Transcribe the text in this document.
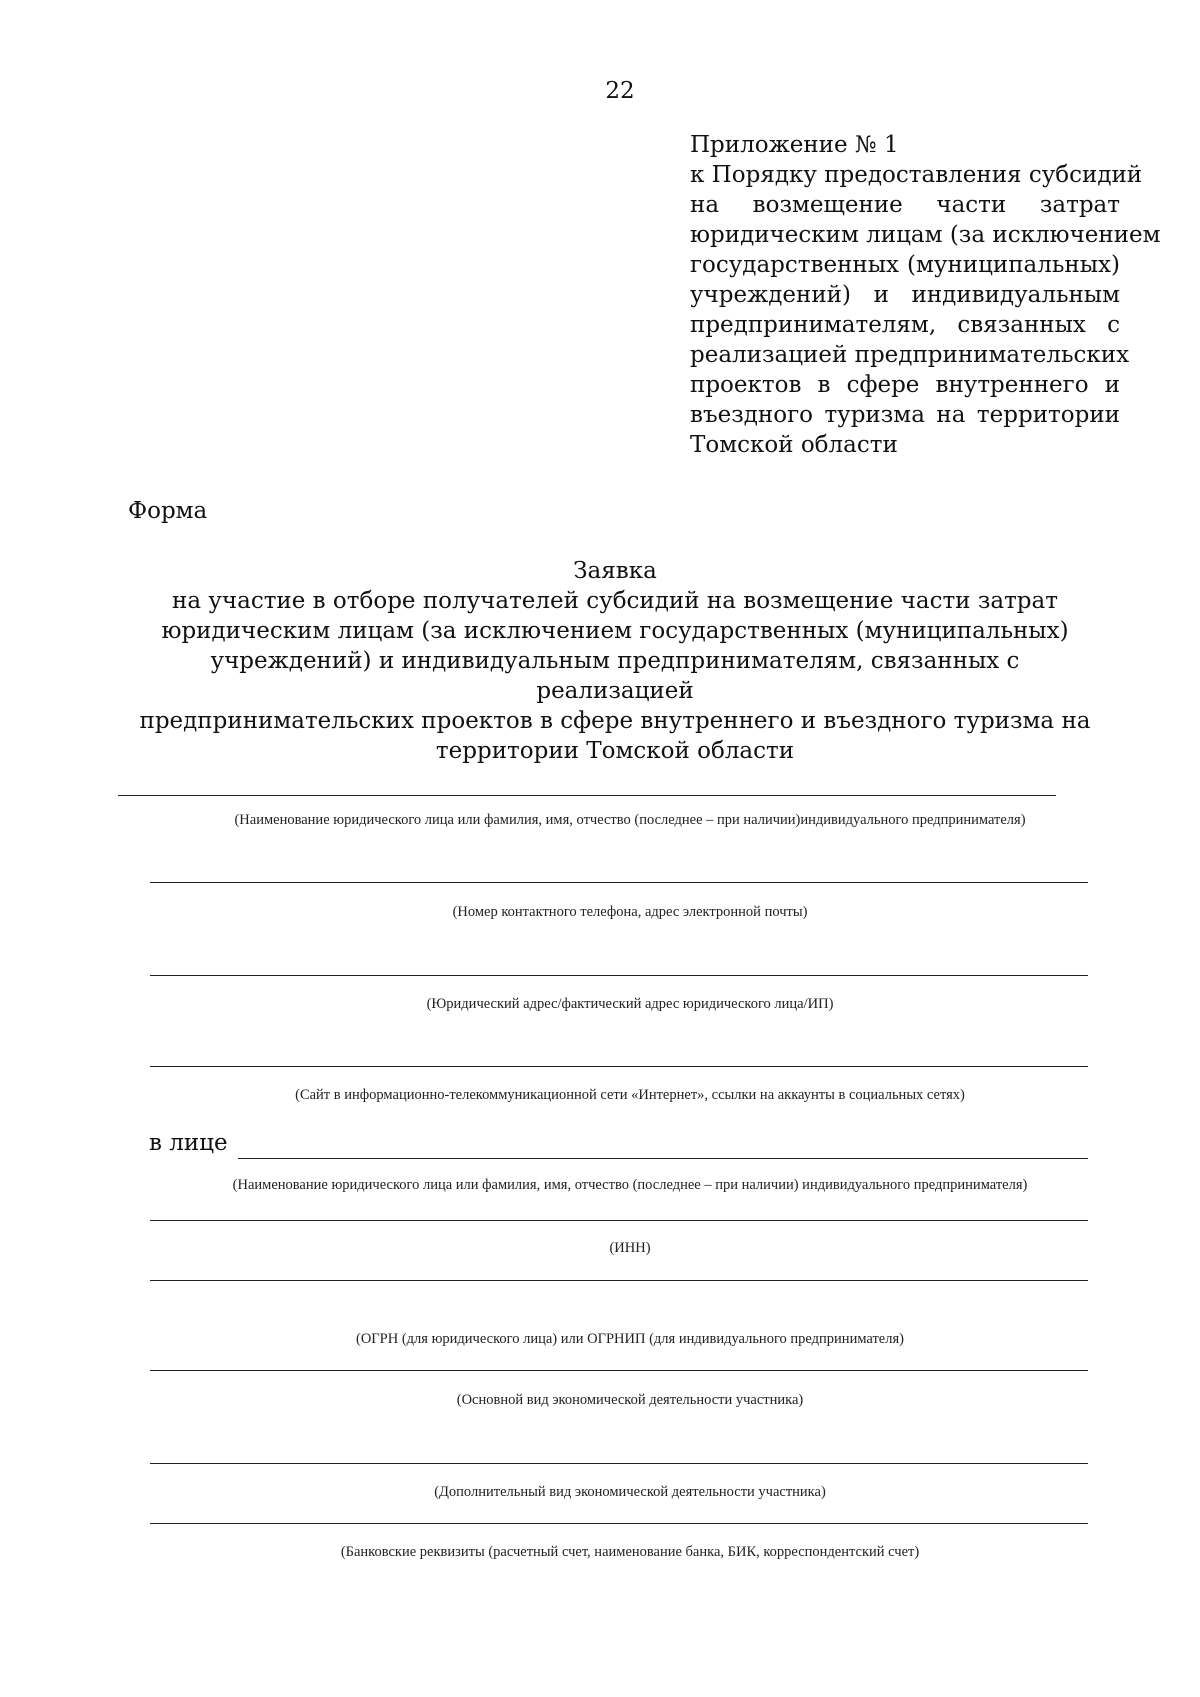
22
Приложение № 1
к Порядку предоставления субсидий
на возмещение части затрат
юридическим лицам (за исключением
государственных (муниципальных)
учреждений) и индивидуальным
предпринимателям, связанных с
реализацией предпринимательских
проектов в сфере внутреннего и
въездного туризма на территории
Томской области
Форма
Заявка
на участие в отборе получателей субсидий на возмещение части затрат
юридическим лицам (за исключением государственных (муниципальных)
учреждений) и индивидуальным предпринимателям, связанных с реализацией
предпринимательских проектов в сфере внутреннего и въездного туризма на
территории Томской области
(Наименование юридического лица или фамилия, имя, отчество (последнее – при наличии)индивидуального предпринимателя)
(Номер контактного телефона, адрес электронной почты)
(Юридический адрес/фактический адрес юридического лица/ИП)
(Сайт в информационно-телекоммуникационной сети «Интернет», ссылки на аккаунты в социальных сетях)
в лице
(Наименование юридического лица или фамилия, имя, отчество (последнее – при наличии) индивидуального предпринимателя)
(ИНН)
(ОГРН (для юридического лица) или ОГРНИП (для индивидуального предпринимателя)
(Основной вид экономической деятельности участника)
(Дополнительный вид экономической деятельности участника)
(Банковские реквизиты (расчетный счет, наименование банка, БИК, корреспондентский счет)
